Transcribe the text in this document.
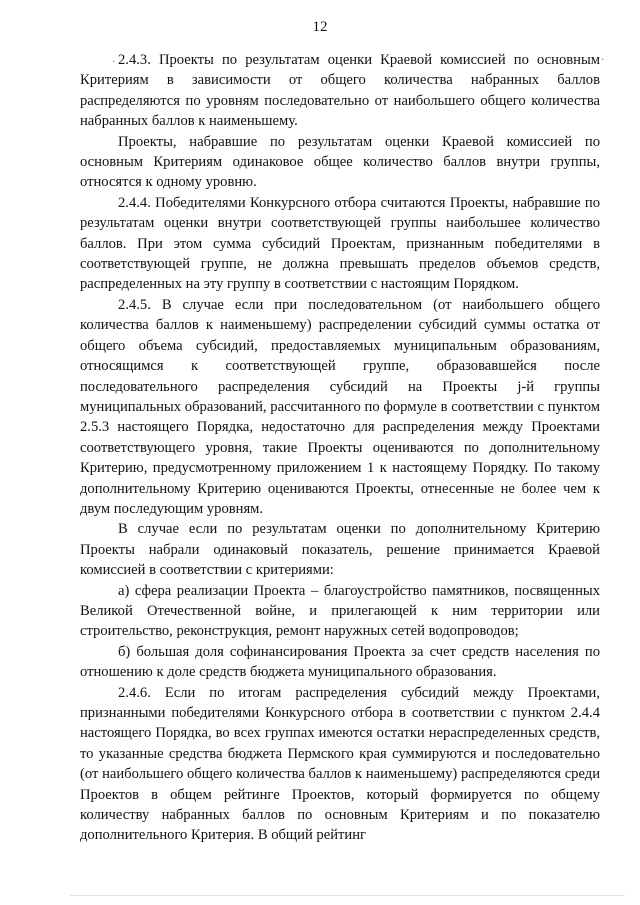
12
·	·

2.4.3. Проекты по результатам оценки Краевой комиссией по основным Критериям в зависимости от общего количества набранных баллов распределяются по уровням последовательно от наибольшего общего количества набранных баллов к наименьшему.

Проекты, набравшие по результатам оценки Краевой комиссией по основным Критериям одинаковое общее количество баллов внутри группы, относятся к одному уровню.

2.4.4. Победителями Конкурсного отбора считаются Проекты, набравшие по результатам оценки внутри соответствующей группы наибольшее количество баллов. При этом сумма субсидий Проектам, признанным победителями в соответствующей группе, не должна превышать пределов объемов средств, распределенных на эту группу в соответствии с настоящим Порядком.

2.4.5. В случае если при последовательном (от наибольшего общего количества баллов к наименьшему) распределении субсидий суммы остатка от общего объема субсидий, предоставляемых муниципальным образованиям, относящимся к соответствующей группе, образовавшейся после последовательного распределения субсидий на Проекты j-й группы муниципальных образований, рассчитанного по формуле в соответствии с пунктом 2.5.3 настоящего Порядка, недостаточно для распределения между Проектами соответствующего уровня, такие Проекты оцениваются по дополнительному Критерию, предусмотренному приложением 1 к настоящему Порядку. По такому дополнительному Критерию оцениваются Проекты, отнесенные не более чем к двум последующим уровням.

В случае если по результатам оценки по дополнительному Критерию Проекты набрали одинаковый показатель, решение принимается Краевой комиссией в соответствии с критериями:

а) сфера реализации Проекта – благоустройство памятников, посвященных Великой Отечественной войне, и прилегающей к ним территории или строительство, реконструкция, ремонт наружных сетей водопроводов;

б) большая доля софинансирования Проекта за счет средств населения по отношению к доле средств бюджета муниципального образования.

2.4.6. Если по итогам распределения субсидий между Проектами, признанными победителями Конкурсного отбора в соответствии с пунктом 2.4.4 настоящего Порядка, во всех группах имеются остатки нераспределенных средств, то указанные средства бюджета Пермского края суммируются и последовательно (от наибольшего общего количества баллов к наименьшему) распределяются среди Проектов в общем рейтинге Проектов, который формируется по общему количеству набранных баллов по основным Критериям и по показателю дополнительного Критерия. В общий рейтинг
